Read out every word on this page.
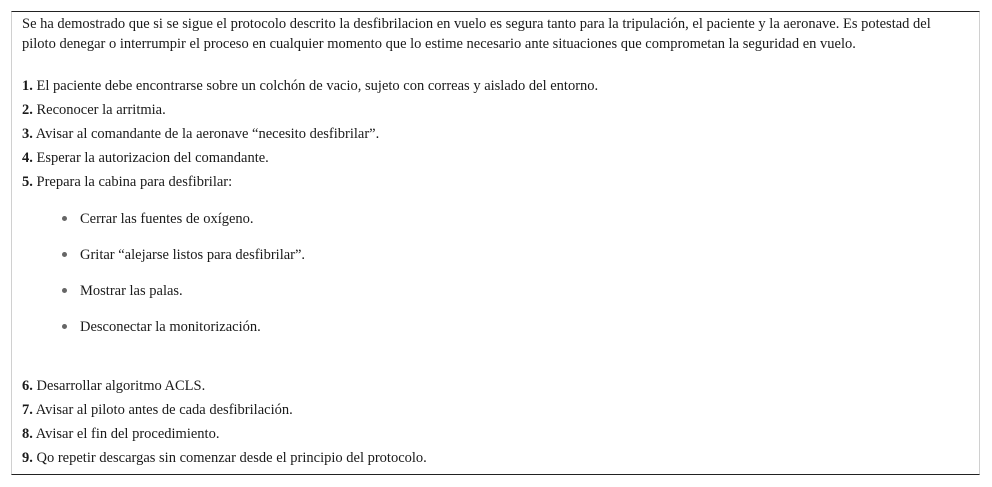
Se ha demostrado que si se sigue el protocolo descrito la desfibrilacion en vuelo es segura tanto para la tripulación, el paciente y la aeronave. Es potestad del piloto denegar o interrumpir el proceso en cualquier momento que lo estime necesario ante situaciones que comprometan la seguridad en vuelo.

1. El paciente debe encontrarse sobre un colchón de vacio, sujeto con correas y aislado del entorno.

2. Reconocer la arritmia.

3. Avisar al comandante de la aeronave “necesito desfibrilar”.

4. Esperar la autorizacion del comandante.

5. Prepara la cabina para desfibrilar:

Cerrar las fuentes de oxígeno.

Gritar “alejarse listos para desfibrilar”.

Mostrar las palas.

Desconectar la monitorización.

6. Desarrollar algoritmo ACLS.

7. Avisar al piloto antes de cada desfibrilación.

8. Avisar el fin del procedimiento.

9. Qo repetir descargas sin comenzar desde el principio del protocolo.
